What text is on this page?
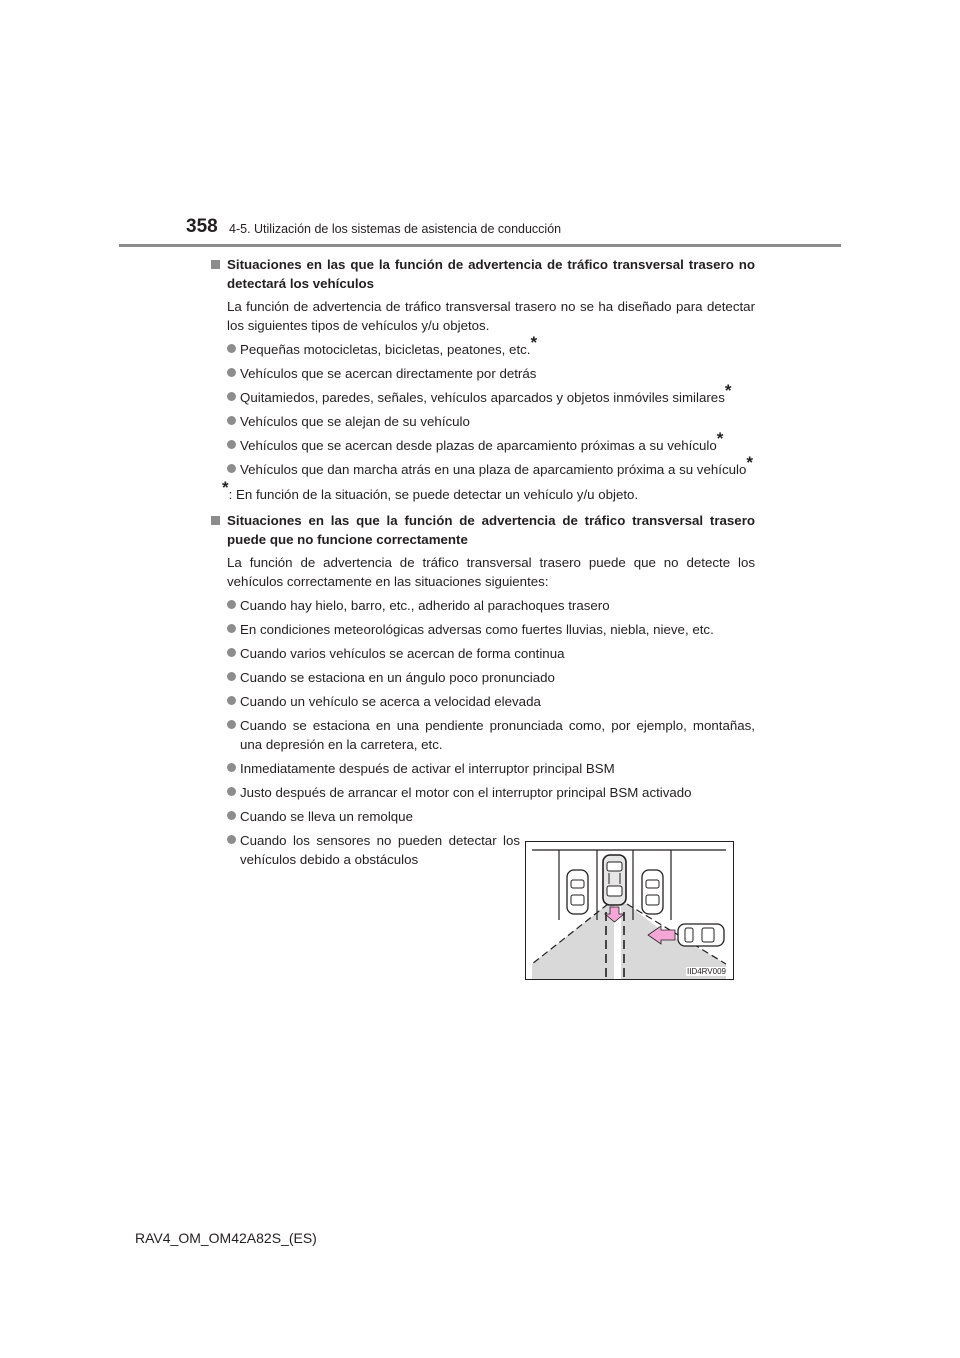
358 4-5. Utilización de los sistemas de asistencia de conducción
Situaciones en las que la función de advertencia de tráfico transversal trasero no detectará los vehículos
La función de advertencia de tráfico transversal trasero no se ha diseñado para detectar los siguientes tipos de vehículos y/u objetos.
Pequeñas motocicletas, bicicletas, peatones, etc.*
Vehículos que se acercan directamente por detrás
Quitamiedos, paredes, señales, vehículos aparcados y objetos inmóviles similares*
Vehículos que se alejan de su vehículo
Vehículos que se acercan desde plazas de aparcamiento próximas a su vehículo*
Vehículos que dan marcha atrás en una plaza de aparcamiento próxima a su vehículo*
*: En función de la situación, se puede detectar un vehículo y/u objeto.
Situaciones en las que la función de advertencia de tráfico transversal trasero puede que no funcione correctamente
La función de advertencia de tráfico transversal trasero puede que no detecte los vehículos correctamente en las situaciones siguientes:
Cuando hay hielo, barro, etc., adherido al parachoques trasero
En condiciones meteorológicas adversas como fuertes lluvias, niebla, nieve, etc.
Cuando varios vehículos se acercan de forma continua
Cuando se estaciona en un ángulo poco pronunciado
Cuando un vehículo se acerca a velocidad elevada
Cuando se estaciona en una pendiente pronunciada como, por ejemplo, montañas, una depresión en la carretera, etc.
Inmediatamente después de activar el interruptor principal BSM
Justo después de arrancar el motor con el interruptor principal BSM activado
Cuando se lleva un remolque
Cuando los sensores no pueden detectar los vehículos debido a obstáculos
IID4RV009
RAV4_OM_OM42A82S_(ES)
